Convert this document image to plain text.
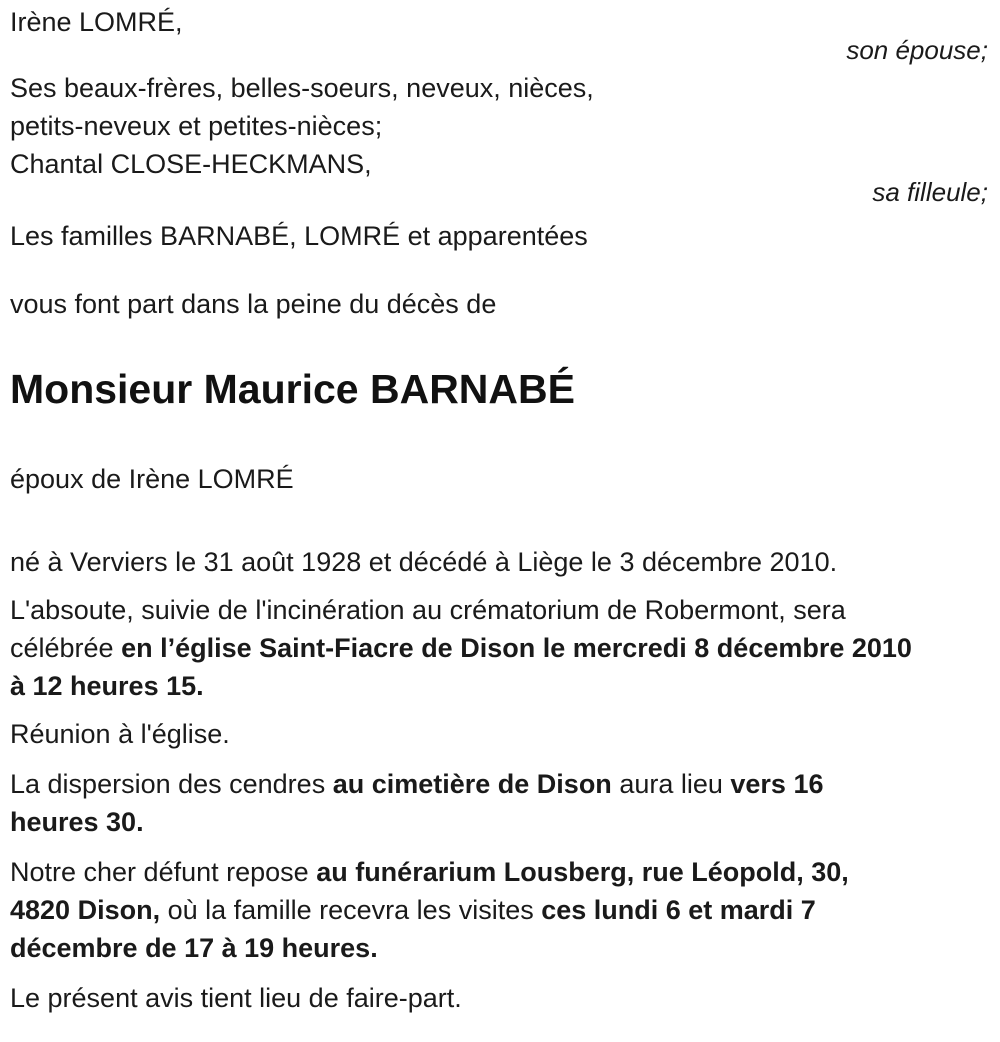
Irène LOMRÉ,

son épouse;

Ses beaux-frères, belles-soeurs, neveux, nièces,
petits-neveux et petites-nièces;
Chantal CLOSE-HECKMANS,

sa filleule;

Les familles BARNABÉ, LOMRÉ et apparentées

vous font part dans la peine du décès de

Monsieur Maurice BARNABÉ

époux de Irène LOMRÉ

né à Verviers le 31 août 1928 et décédé à Liège le 3 décembre 2010.

L'absoute, suivie de l'incinération au crématorium de Robermont, sera
célébrée en l’église Saint-Fiacre de Dison le mercredi 8 décembre 2010
à 12 heures 15.

Réunion à l'église.

La dispersion des cendres au cimetière de Dison aura lieu vers 16
heures 30.

Notre cher défunt repose au funérarium Lousberg, rue Léopold, 30,
4820 Dison, où la famille recevra les visites ces lundi 6 et mardi 7
décembre de 17 à 19 heures.

Le présent avis tient lieu de faire-part.
